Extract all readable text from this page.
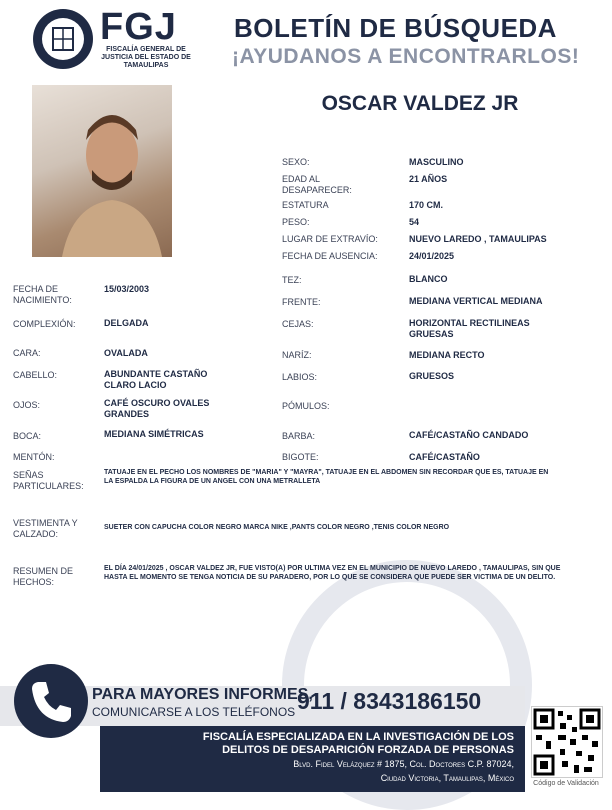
FGJ
FISCALÍA GENERAL DE JUSTICIA DEL ESTADO DE TAMAULIPAS
BOLETÍN DE BÚSQUEDA
¡AYUDANOS A ENCONTRARLOS!
OSCAR VALDEZ JR
SEXO:	MASCULINO
EDAD AL DESAPARECER:
21 AÑOS
ESTATURA	170 CM.
PESO:	54
LUGAR DE EXTRAVÍO:	NUEVO LAREDO , TAMAULIPAS
FECHA DE AUSENCIA:	24/01/2025
TEZ:	BLANCO
FRENTE:	MEDIANA VERTICAL MEDIANA
CEJAS:	HORIZONTAL RECTILINEAS GRUESAS
NARÍZ:	MEDIANA RECTO
LABIOS:	GRUESOS
PÓMULOS:
BARBA:	CAFÉ/CASTAÑO CANDADO
BIGOTE:	CAFÉ/CASTAÑO
FECHA DE NACIMIENTO:
15/03/2003
COMPLEXIÓN:	DELGADA
CARA:	OVALADA
CABELLO:	ABUNDANTE CASTAÑO CLARO LACIO
OJOS:	CAFÉ OSCURO OVALES GRANDES
BOCA:	MEDIANA SIMÉTRICAS
MENTÓN:
SEÑAS PARTICULARES:
TATUAJE EN EL PECHO LOS NOMBRES DE "MARIA" Y "MAYRA", TATUAJE EN EL ABDOMEN SIN RECORDAR QUE ES, TATUAJE EN LA ESPALDA LA FIGURA DE UN ANGEL CON UNA METRALLETA
VESTIMENTA Y CALZADO:
SUETER CON CAPUCHA COLOR NEGRO MARCA NIKE ,PANTS COLOR NEGRO ,TENIS COLOR NEGRO
RESUMEN DE HECHOS:
EL DÍA 24/01/2025 , OSCAR VALDEZ JR, FUE VISTO(A) POR ULTIMA VEZ EN EL MUNICIPIO DE NUEVO LAREDO , TAMAULIPAS, SIN QUE HASTA EL MOMENTO SE TENGA NOTICIA DE SU PARADERO, POR LO QUE SE CONSIDERA QUE PUEDE SER VICTIMA DE UN DELITO.
PARA MAYORES INFORMES,
COMUNICARSE A LOS TELÉFONOS 911 / 8343186150
FISCALÍA ESPECIALIZADA EN LA INVESTIGACIÓN DE LOS
DELITOS DE DESAPARICIÓN FORZADA DE PERSONAS
Blvd. Fidel Velázquez # 1875, Col. Doctores C.P. 87024,
Ciudad Victoria, Tamaulipas, México
Código de Validación
